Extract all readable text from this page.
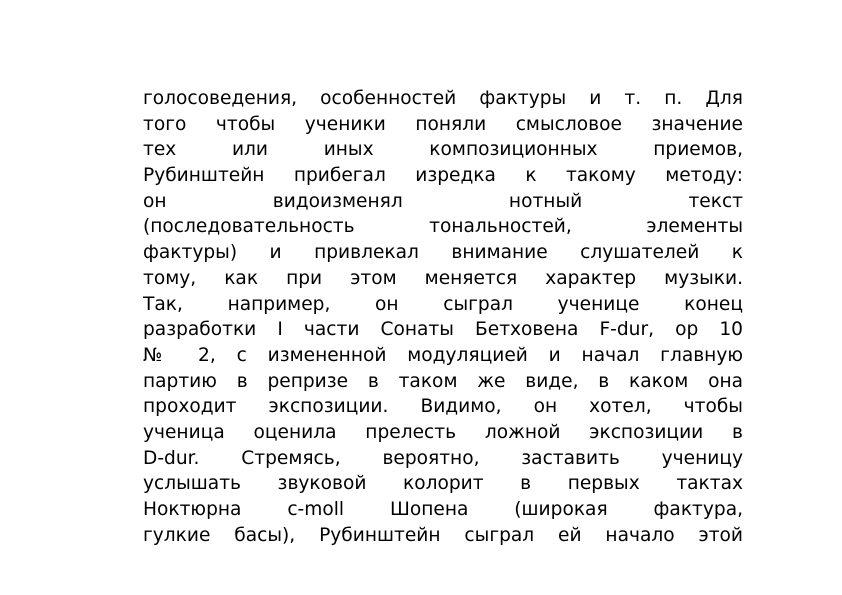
голосоведения, особенностей фактуры и т. п. Для
того чтобы ученики поняли смысловое значение
тех или иных композиционных приемов,
Рубинштейн прибегал изредка к такому методу:
он видоизменял нотный текст
(последовательность тональностей, элементы
фактуры) и привлекал внимание слушателей к
тому, как при этом меняется характер музыки.
Так, например, он сыграл ученице конец
разработки I части Сонаты Бетховена F-dur, ор 10
№ 2, с измененной модуляцией и начал главную
партию в репризе в таком же виде, в каком она
проходит экспозиции. Видимо, он хотел, чтобы
ученица оценила прелесть ложной экспозиции в
D-dur. Стремясь, вероятно, заставить ученицу
услышать звуковой колорит в первых тактах
Ноктюрна c-moll Шопена (широкая фактура,
гулкие басы), Рубинштейн сыграл ей начало этой
